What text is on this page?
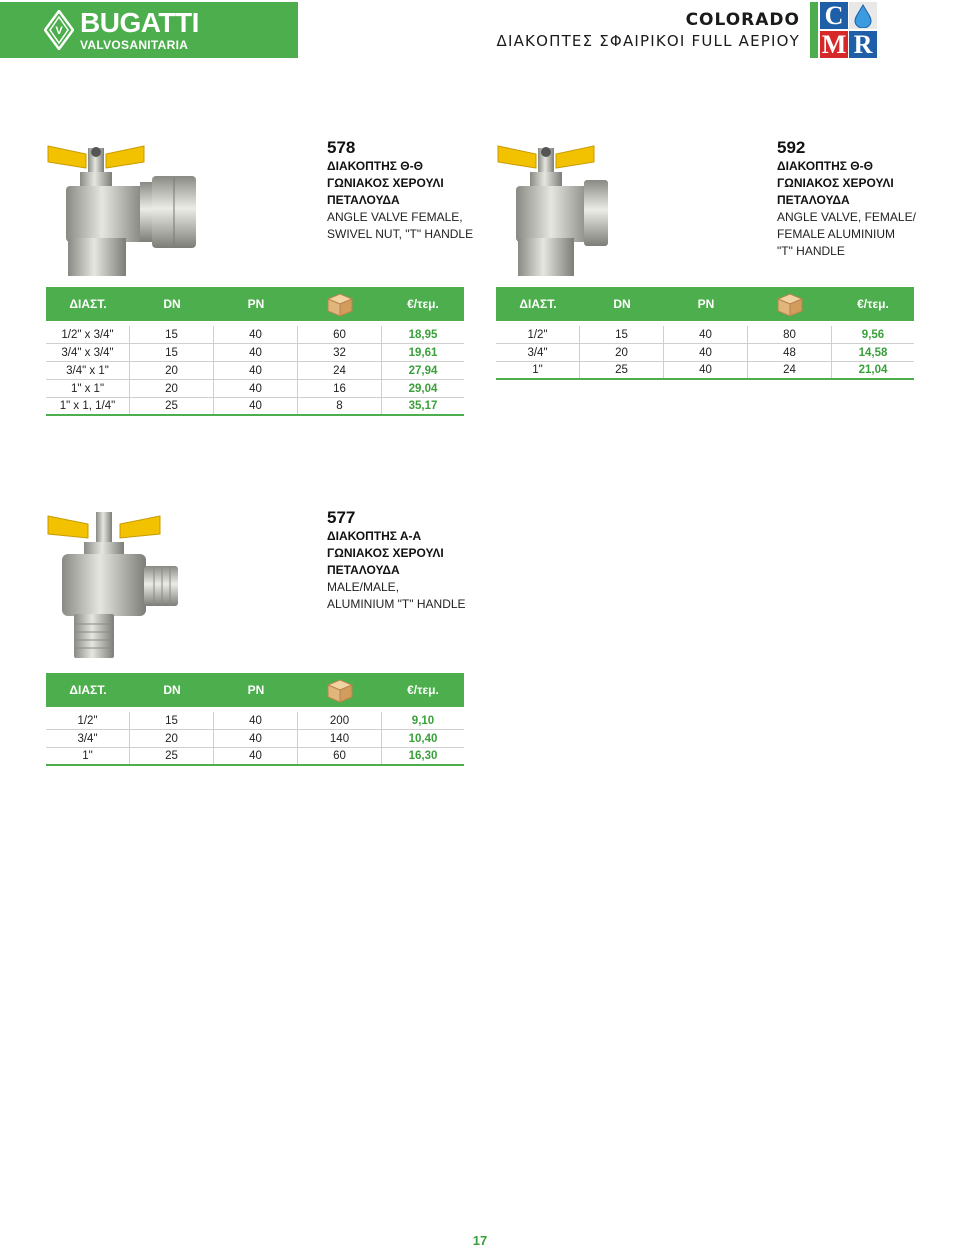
V BUGATTI
VALVOSANITARIA
COLORADO
ΔΙΑΚΟΠΤΕΣ ΣΦΑΙΡΙΚΟΙ FULL ΑΕΡΙΟΥ
C
M R
578
ΔΙΑΚΟΠΤΗΣ Θ-Θ
ΓΩΝΙΑΚΟΣ ΧΕΡΟΥΛΙ
ΠΕΤΑΛΟΥΔΑ
ANGLE VALVE FEMALE,
SWIVEL NUT, "T" HANDLE
592
ΔΙΑΚΟΠΤΗΣ Θ-Θ
ΓΩΝΙΑΚΟΣ ΧΕΡΟΥΛΙ
ΠΕΤΑΛΟΥΔΑ
ANGLE VALVE, FEMALE/
FEMALE ALUMINIUM
"T" HANDLE
ΔΙΑΣΤ.	DN	PN	€/τεμ.
1/2" x 3/4"	15	40	60	18,95
3/4" x 3/4"	15	40	32	19,61
3/4" x 1"	20	40	24	27,94
1" x 1"	20	40	16	29,04
1" x 1, 1/4"	25	40	8	35,17
ΔΙΑΣΤ.	DN	PN	€/τεμ.
1/2"	15	40	80	9,56
3/4"	20	40	48	14,58
1"	25	40	24	21,04
577
ΔΙΑΚΟΠΤΗΣ Α-Α
ΓΩΝΙΑΚΟΣ ΧΕΡΟΥΛΙ
ΠΕΤΑΛΟΥΔΑ
MALE/MALE,
ALUMINIUM "T" HANDLE
ΔΙΑΣΤ.	DN	PN	€/τεμ.
1/2"	15	40	200	9,10
3/4"	20	40	140	10,40
1"	25	40	60	16,30
17
